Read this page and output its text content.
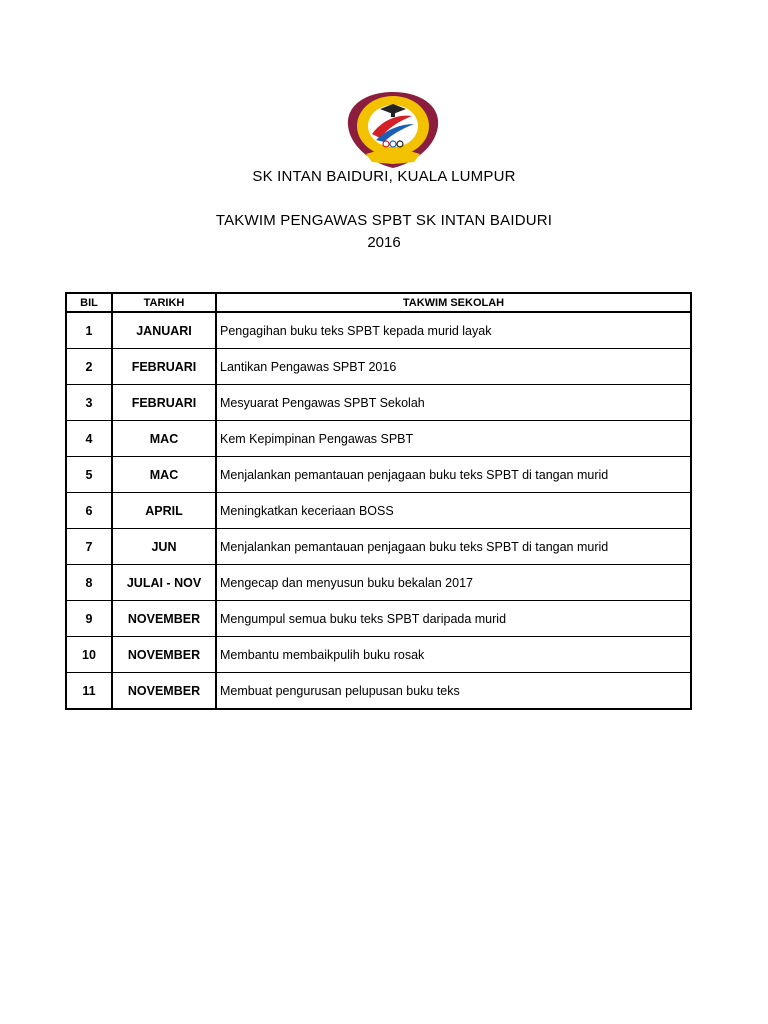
SK INTAN BAIDURI, KUALA LUMPUR
TAKWIM PENGAWAS SPBT SK INTAN BAIDURI
2016
BIL	TARIKH	TAKWIM SEKOLAH
1	JANUARI	Pengagihan buku teks SPBT kepada murid layak
2	FEBRUARI	Lantikan Pengawas SPBT 2016
3	FEBRUARI	Mesyuarat Pengawas SPBT Sekolah
4	MAC	Kem Kepimpinan Pengawas SPBT
5	MAC	Menjalankan pemantauan penjagaan buku teks SPBT di tangan murid
6	APRIL	Meningkatkan keceriaan BOSS
7	JUN	Menjalankan pemantauan penjagaan buku teks SPBT di tangan murid
8	JULAI - NOV	Mengecap dan menyusun buku bekalan 2017
9	NOVEMBER	Mengumpul semua buku teks SPBT daripada murid
10	NOVEMBER	Membantu membaikpulih buku rosak
11	NOVEMBER	Membuat pengurusan pelupusan buku teks
